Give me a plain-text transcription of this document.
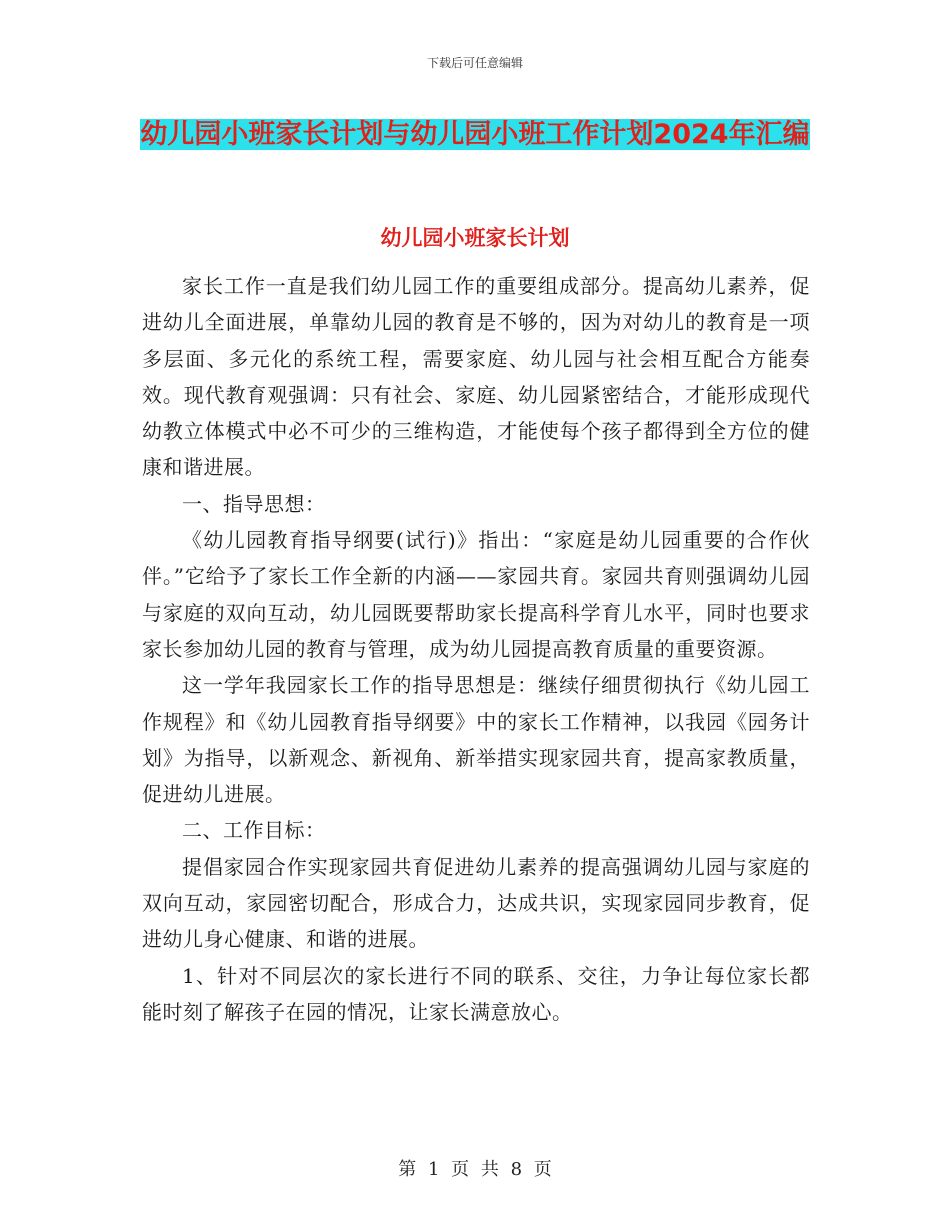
下载后可任意编辑
幼儿园小班家长计划与幼儿园小班工作计划2024年汇编
幼儿园小班家长计划

家长工作一直是我们幼儿园工作的重要组成部分。提高幼儿素养，促进幼儿全面进展，单靠幼儿园的教育是不够的，因为对幼儿的教育是一项多层面、多元化的系统工程，需要家庭、幼儿园与社会相互配合方能奏效。现代教育观强调：只有社会、家庭、幼儿园紧密结合，才能形成现代幼教立体模式中必不可少的三维构造，才能使每个孩子都得到全方位的健康和谐进展。

一、指导思想：

《幼儿园教育指导纲要(试行)》指出：“家庭是幼儿园重要的合作伙伴。”它给予了家长工作全新的内涵——家园共育。家园共育则强调幼儿园与家庭的双向互动，幼儿园既要帮助家长提高科学育儿水平，同时也要求家长参加幼儿园的教育与管理，成为幼儿园提高教育质量的重要资源。

这一学年我园家长工作的指导思想是：继续仔细贯彻执行《幼儿园工作规程》和《幼儿园教育指导纲要》中的家长工作精神，以我园《园务计划》为指导，以新观念、新视角、新举措实现家园共育，提高家教质量，促进幼儿进展。

二、工作目标：

提倡家园合作实现家园共育促进幼儿素养的提高强调幼儿园与家庭的双向互动，家园密切配合，形成合力，达成共识，实现家园同步教育，促进幼儿身心健康、和谐的进展。

1、针对不同层次的家长进行不同的联系、交往，力争让每位家长都能时刻了解孩子在园的情况，让家长满意放心。

第 1 页 共 8 页
